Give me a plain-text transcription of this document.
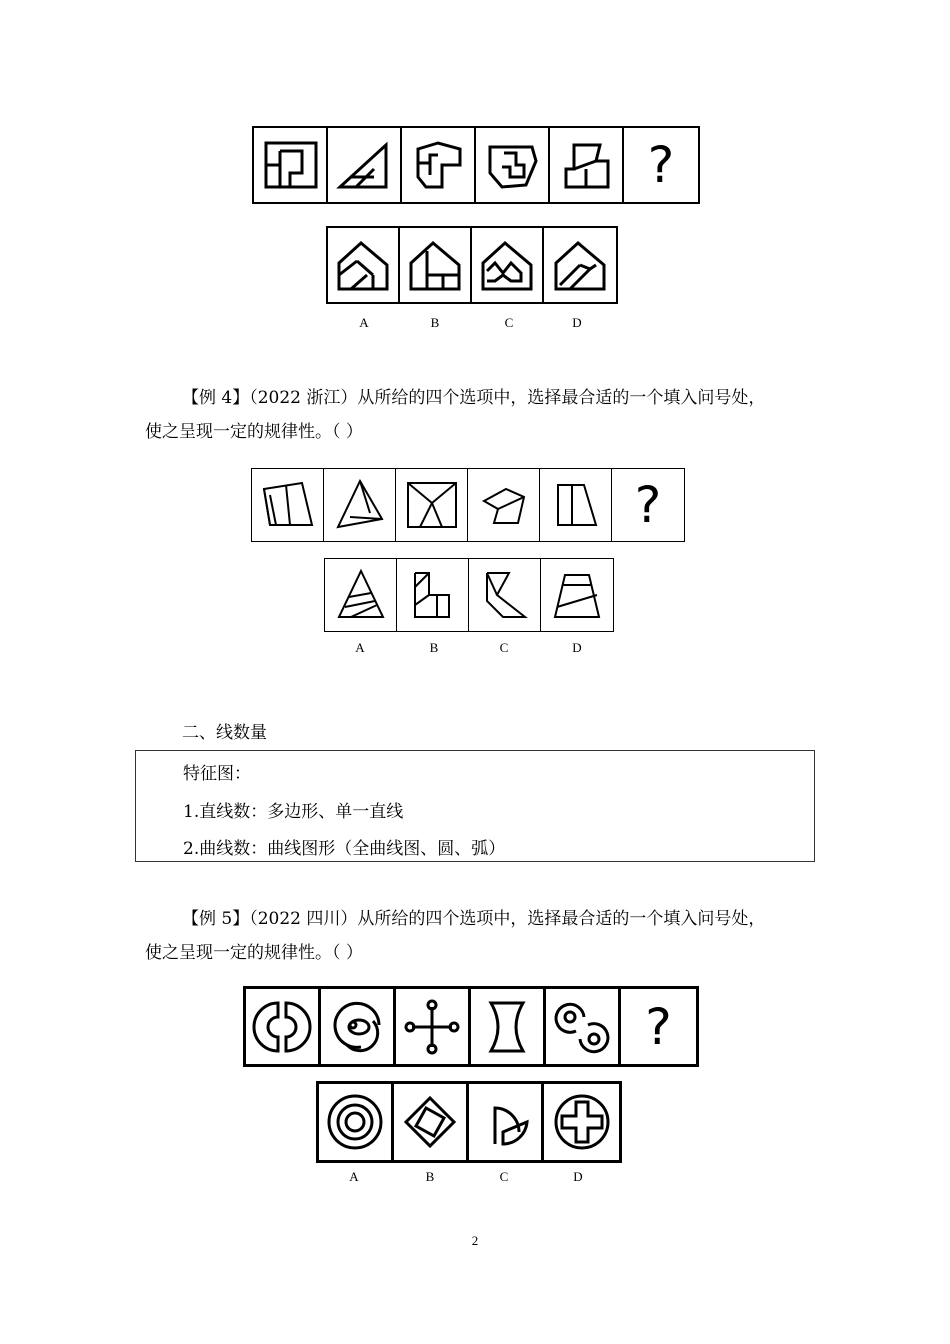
?
A	B	C	D

【例 4】（2022 浙江）从所给的四个选项中，选择最合适的一个填入问号处，

使之呈现一定的规律性。（ ）

?
A	B	C	D
二、线数量
特征图：
1.直线数：多边形、单一直线
2.曲线数：曲线图形（全曲线图、圆、弧）

【例 5】（2022 四川）从所给的四个选项中，选择最合适的一个填入问号处，

使之呈现一定的规律性。（ ）

?
A	B	C	D
2
